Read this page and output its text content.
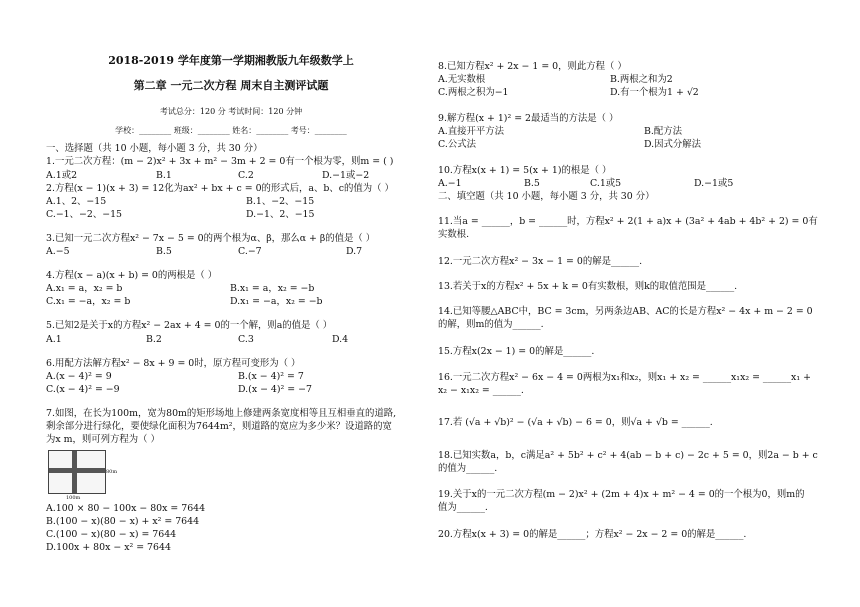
2018-2019 学年度第一学期湘教版九年级数学上
第二章 一元二次方程 周末自主测评试题
考试总分：120 分 考试时间：120 分钟
学校：________ 班级：________ 姓名：________ 考号：________
一、选择题（共 10 小题，每小题 3 分，共 30 分）
1.一元二次方程：(m − 2)x² + 3x + m² − 3m + 2 = 0有一个根为零，则m = ( )
A.1或2	B.1	C.2	D.−1或−2
2.方程(x − 1)(x + 3) = 12化为ax² + bx + c = 0的形式后，a、b、c的值为（ ）
A.1、2、−15	B.1、−2、−15
C.−1、−2、−15	D.−1、2、−15
3.已知一元二次方程x² − 7x − 5 = 0的两个根为α、β，那么α + β的值是（ ）
A.−5	B.5	C.−7	D.7
4.方程(x − a)(x + b) = 0的两根是（ ）
A.x₁ = a，x₂ = b	B.x₁ = a，x₂ = −b
C.x₁ = −a，x₂ = b	D.x₁ = −a，x₂ = −b
5.已知2是关于x的方程x² − 2ax + 4 = 0的一个解，则a的值是（ ）
A.1	B.2	C.3	D.4
6.用配方法解方程x² − 8x + 9 = 0时，原方程可变形为（ ）
A.(x − 4)² = 9	B.(x − 4)² = 7
C.(x − 4)² = −9	D.(x − 4)² = −7
7.如图，在长为100m，宽为80m的矩形场地上修建两条宽度相等且互相垂直的道路,
剩余部分进行绿化，要使绿化面积为7644m²，则道路的宽应为多少米？设道路的宽
为x m，则可列方程为（ ）
80m
100m
A.100 × 80 − 100x − 80x = 7644
B.(100 − x)(80 − x) + x² = 7644
C.(100 − x)(80 − x) = 7644
D.100x + 80x − x² = 7644
8.已知方程x² + 2x − 1 = 0，则此方程（ ）
A.无实数根	B.两根之和为2
C.两根之积为−1	D.有一个根为1 + √2
9.解方程(x + 1)² = 2最适当的方法是（ ）
A.直接开平方法	B.配方法
C.公式法	D.因式分解法
10.方程x(x + 1) = 5(x + 1)的根是（ ）
A.−1	B.5	C.1或5	D.−1或5
二、填空题（共 10 小题，每小题 3 分，共 30 分）
11.当a = ______，b = ______时，方程x² + 2(1 + a)x + (3a² + 4ab + 4b² + 2) = 0有
实数根.
12.一元二次方程x² − 3x − 1 = 0的解是______.
13.若关于x的方程x² + 5x + k = 0有实数根，则k的取值范围是______.
14.已知等腰△ABC中，BC = 3cm，另两条边AB、AC的长是方程x² − 4x + m − 2 = 0
的解，则m的值为______.
15.方程x(2x − 1) = 0的解是______.
16.一元二次方程x² − 6x − 4 = 0两根为x₁和x₂，则x₁ + x₂ = ______x₁x₂ = ______x₁ +
x₂ − x₁x₂ = ______.
17.若 (√a + √b)² − (√a + √b) − 6 = 0，则√a + √b = ______.
18.已知实数a，b，c满足a² + 5b² + c² + 4(ab − b + c) − 2c + 5 = 0，则2a − b + c
的值为______.
19.关于x的一元二次方程(m − 2)x² + (2m + 4)x + m² − 4 = 0的一个根为0，则m的
值为______.
20.方程x(x + 3) = 0的解是______；方程x² − 2x − 2 = 0的解是______.
